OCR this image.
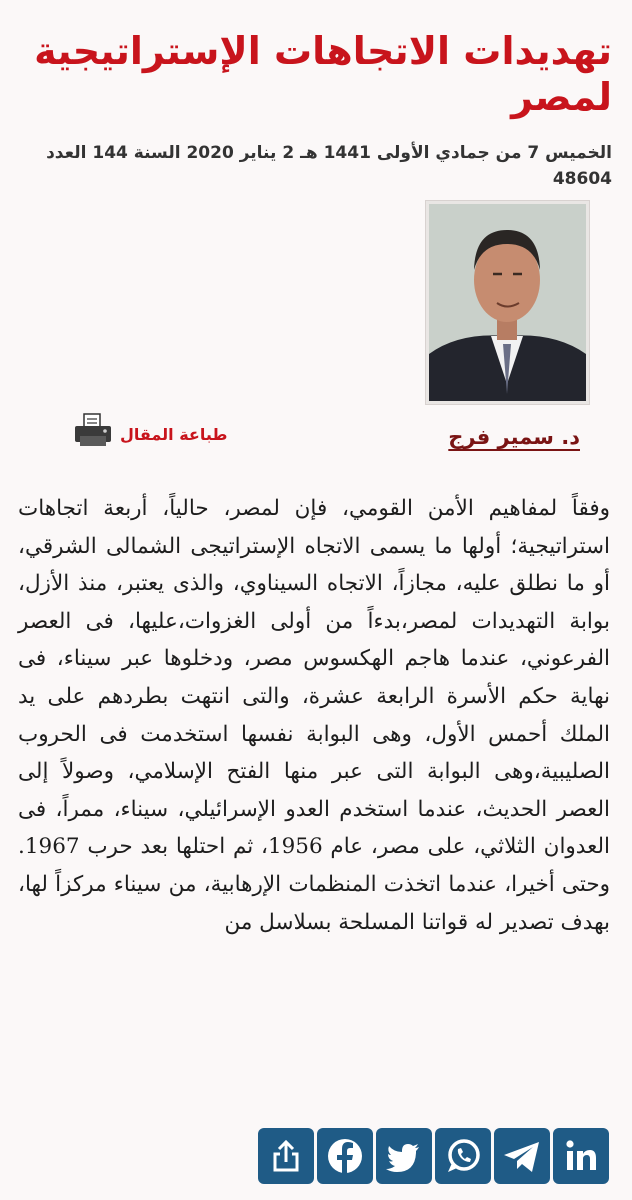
تهديدات الاتجاهات الإستراتيجية لمصر
الخميس 7 من جمادي الأولى 1441 هـ 2 يناير 2020 السنة 144 العدد 48604
د. سمير فرج
طباعة المقال

وفقاً لمفاهيم الأمن القومي، فإن لمصر، حالياً، أربعة اتجاهات استراتيجية؛ أولها ما يسمى الاتجاه الإستراتيجى الشمالى الشرقي، أو ما نطلق عليه، مجازاً، الاتجاه السيناوي، والذى يعتبر، منذ الأزل، بوابة التهديدات لمصر،بدءاً من أولى الغزوات،عليها، فى العصر الفرعوني، عندما هاجم الهكسوس مصر، ودخلوها عبر سيناء، فى نهاية حكم الأسرة الرابعة عشرة، والتى انتهت بطردهم على يد الملك أحمس الأول، وهى البوابة نفسها استخدمت فى الحروب الصليبية،وهى البوابة التى عبر منها الفتح الإسلامي، وصولاً إلى العصر الحديث، عندما استخدم العدو الإسرائيلي، سيناء، ممراً، فى العدوان الثلاثي، على مصر، عام 1956، ثم احتلها بعد حرب 1967. وحتى أخيرا، عندما اتخذت المنظمات الإرهابية، من سيناء مركزاً لها، بهدف تصدير له قواتنا المسلحة بسلاسل من
